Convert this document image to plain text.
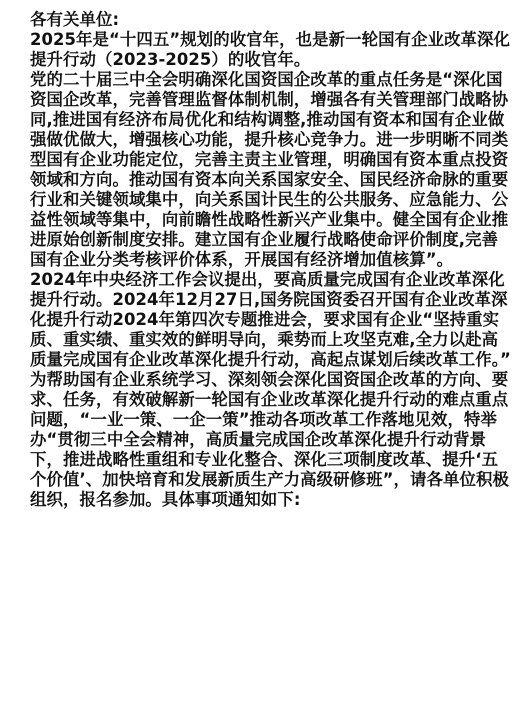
各有关单位:

2025年是“十四五”规划的收官年，也是新一轮国有企业改革深化提升行动（2023-2025）的收官年。

党的二十届三中全会明确深化国资国企改革的重点任务是“深化国资国企改革，完善管理监督体制机制，增强各有关管理部门战略协同,推进国有经济布局优化和结构调整,推动国有资本和国有企业做强做优做大，增强核心功能，提升核心竞争力。进一步明晰不同类型国有企业功能定位，完善主责主业管理，明确国有资本重点投资领域和方向。推动国有资本向关系国家安全、国民经济命脉的重要行业和关键领域集中，向关系国计民生的公共服务、应急能力、公益性领域等集中，向前瞻性战略性新兴产业集中。健全国有企业推进原始创新制度安排。建立国有企业履行战略使命评价制度,完善国有企业分类考核评价体系，开展国有经济增加值核算”。

2024年中央经济工作会议提出，要高质量完成国有企业改革深化提升行动。2024年12月27日,国务院国资委召开国有企业改革深化提升行动2024年第四次专题推进会，要求国有企业“坚持重实质、重实绩、重实效的鲜明导向，乘势而上攻坚克难,全力以赴高质量完成国有企业改革深化提升行动，高起点谋划后续改革工作。”

为帮助国有企业系统学习、深刻领会深化国资国企改革的方向、要求、任务，有效破解新一轮国有企业改革深化提升行动的难点重点问题，“一业一策、一企一策”推动各项改革工作落地见效，特举办“贯彻三中全会精神，高质量完成国企改革深化提升行动背景下，推进战略性重组和专业化整合、深化三项制度改革、提升‘五个价值’、加快培育和发展新质生产力高级研修班”，请各单位积极组织，报名参加。具体事项通知如下:
